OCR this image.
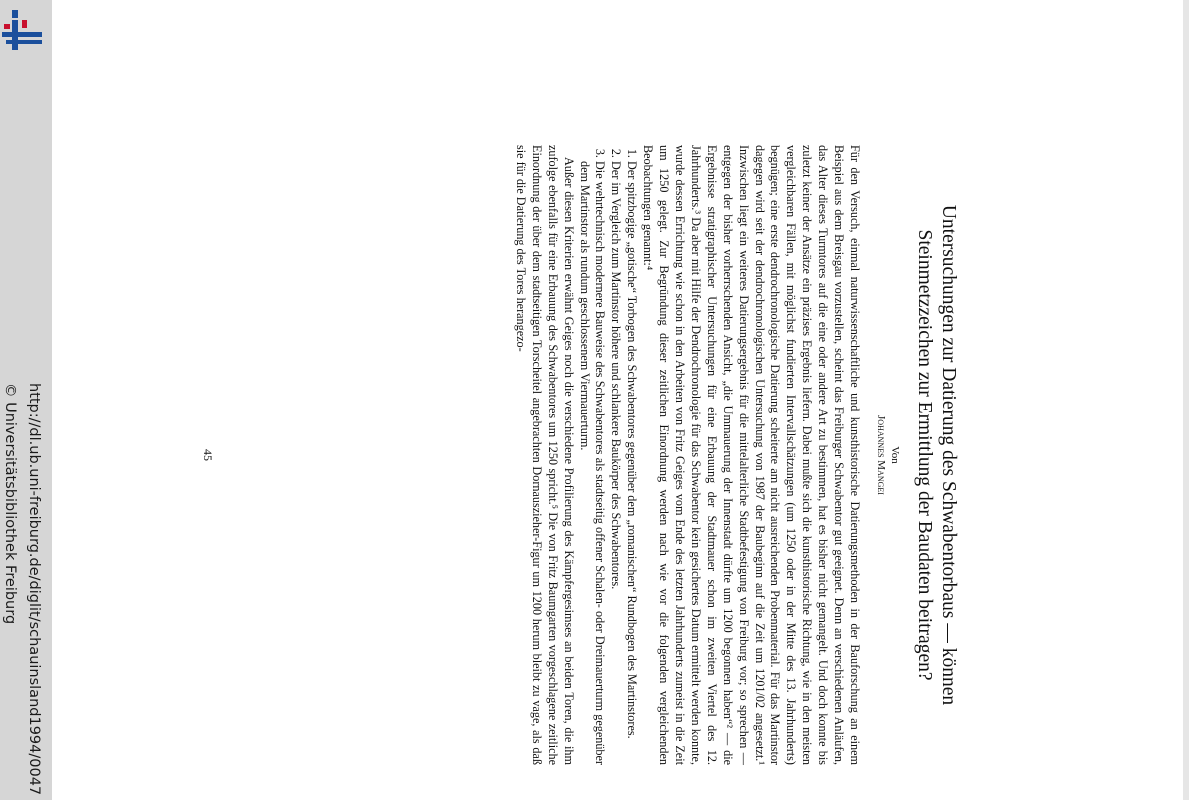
http://dl.ub.uni-freiburg.de/diglit/schauinsland1994/0047
© Universitätsbibliothek Freiburg	Untersuchungen zur Datierung des Schwabentorbaus — können Steinmetzzeichen zur Ermittlung der Baudaten beitragen?
Von
Johannes Mangei

Für den Versuch, einmal naturwissenschaftliche und kunsthistorische Datierungsmethoden in der Bauforschung an einem Beispiel aus dem Breisgau vorzustellen, scheint das Freiburger Schwabentor gut geeignet. Denn an verschiedenen Anläufen, das Alter dieses Turmtores auf die eine oder andere Art zu bestimmen, hat es bisher nicht gemangelt. Und doch konnte bis zuletzt keiner der Ansätze ein präzises Ergebnis liefern. Dabei mußte sich die kunsthistorische Richtung, wie in den meisten vergleichbaren Fällen, mit möglichst fundierten Intervallschätzungen (um 1250 oder in der Mitte des 13. Jahrhunderts) begnügen; eine erste dendrochronologische Datierung scheiterte am nicht ausreichenden Probenmaterial. Für das Martinstor dagegen wird seit der dendrochronologischen Untersuchung von 1987 der Baubeginn auf die Zeit um 1201/02 angesetzt.¹ Inzwischen liegt ein weiteres Datierungsergebnis für die mittelalterliche Stadtbefestigung von Freiburg vor; so sprechen — entgegen der bisher vorherrschenden Ansicht, „die Ummauerung der Innenstadt dürfte um 1200 begonnen haben“² — die Ergebnisse stratigraphischer Untersuchungen für eine Erbauung der Stadtmauer schon im zweiten Viertel des 12. Jahrhunderts.³ Da aber mit Hilfe der Dendrochronologie für das Schwabentor kein gesichertes Datum ermittelt werden konnte, wurde dessen Errichtung wie schon in den Arbeiten von Fritz Geiges vom Ende des letzten Jahrhunderts zumeist in die Zeit um 1250 gelegt. Zur Begründung dieser zeitlichen Einordnung werden nach wie vor die folgenden vergleichenden Beobachtungen genannt:⁴

1. Der spitzbogige „gotische“ Torbogen des Schwabentores gegenüber dem „romanischen“ Rundbogen des Martinstores.
2. Der im Vergleich zum Martinstor höhere und schlankere Baukörper des Schwabentores.
3. Die wehrtechnisch modernere Bauweise des Schwabentores als stadtseitig offener Schalen- oder Dreimauerturm gegenüber dem Martinstor als rundum geschlossenem Viermauerturm.

Außer diesen Kriterien erwähnt Geiges noch die verschiedene Profilierung des Kämpfergesimses an beiden Toren, die ihm zufolge ebenfalls für eine Erbauung des Schwabentores um 1250 spricht.⁵ Die von Fritz Baumgarten vorgeschlagene zeitliche Einordnung der über dem stadtseitigen Torscheitel angebrachten Dornauszieher-Figur um 1200 herum bleibt zu vage, als daß sie für die Datierung des Tores herangezo-

45
